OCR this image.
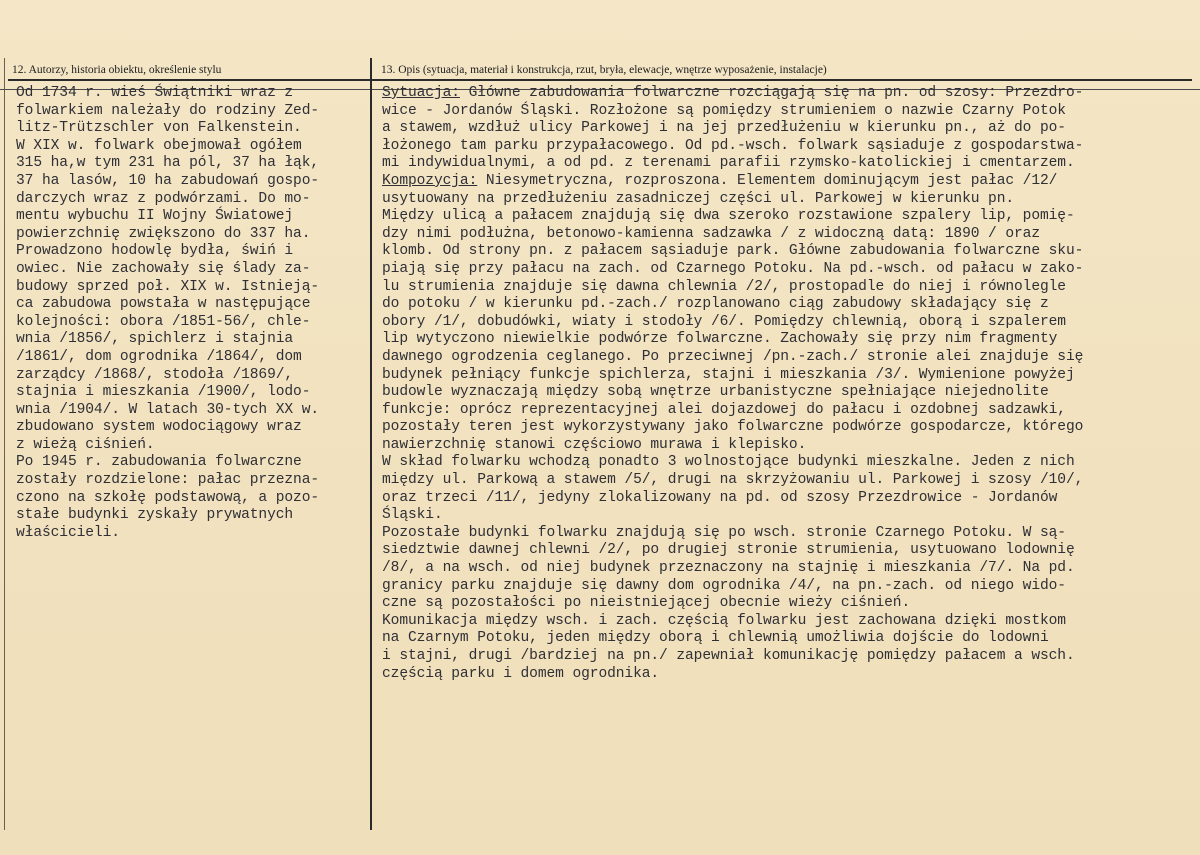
12. Autorzy, historia obiektu, określenie stylu	13. Opis (sytuacja, materiał i konstrukcja, rzut, bryła, elewacje, wnętrze wyposażenie, instalacje)
Od 1734 r. wieś Świątniki wraz z
folwarkiem należały do rodziny Zed-
litz-Trützschler von Falkenstein.
W XIX w. folwark obejmował ogółem
315 ha,w tym 231 ha pól, 37 ha łąk,
37 ha lasów, 10 ha zabudowań gospo-
darczych wraz z podwórzami. Do mo-
mentu wybuchu II Wojny Światowej
powierzchnię zwiększono do 337 ha.
Prowadzono hodowlę bydła, świń i
owiec. Nie zachowały się ślady za-
budowy sprzed poł. XIX w. Istnieją-
ca zabudowa powstała w następujące
kolejności: obora /1851-56/, chle-
wnia /1856/, spichlerz i stajnia
/1861/, dom ogrodnika /1864/, dom
zarządcy /1868/, stodoła /1869/,
stajnia i mieszkania /1900/, lodo-
wnia /1904/. W latach 30-tych XX w.
zbudowano system wodociągowy wraz
z wieżą ciśnień.
Po 1945 r. zabudowania folwarczne
zostały rozdzielone: pałac przezna-
czono na szkołę podstawową, a pozo-
stałe budynki zyskały prywatnych
właścicieli.
Sytuacja: Główne zabudowania folwarczne rozciągają się na pn. od szosy: Przezdro-
wice - Jordanów Śląski. Rozłożone są pomiędzy strumieniem o nazwie Czarny Potok
a stawem, wzdłuż ulicy Parkowej i na jej przedłużeniu w kierunku pn., aż do po-
łożonego tam parku przypałacowego. Od pd.-wsch. folwark sąsiaduje z gospodarstwa-
mi indywidualnymi, a od pd. z terenami parafii rzymsko-katolickiej i cmentarzem.
Kompozycja: Niesymetryczna, rozproszona. Elementem dominującym jest pałac /12/
usytuowany na przedłużeniu zasadniczej części ul. Parkowej w kierunku pn.
Między ulicą a pałacem znajdują się dwa szeroko rozstawione szpalery lip, pomię-
dzy nimi podłużna, betonowo-kamienna sadzawka / z widoczną datą: 1890 / oraz
klomb. Od strony pn. z pałacem sąsiaduje park. Główne zabudowania folwarczne sku-
piają się przy pałacu na zach. od Czarnego Potoku. Na pd.-wsch. od pałacu w zako-
lu strumienia znajduje się dawna chlewnia /2/, prostopadle do niej i równolegle
do potoku / w kierunku pd.-zach./ rozplanowano ciąg zabudowy składający się z
obory /1/, dobudówki, wiaty i stodoły /6/. Pomiędzy chlewnią, oborą i szpalerem
lip wytyczono niewielkie podwórze folwarczne. Zachowały się przy nim fragmenty
dawnego ogrodzenia ceglanego. Po przeciwnej /pn.-zach./ stronie alei znajduje się
budynek pełniący funkcje spichlerza, stajni i mieszkania /3/. Wymienione powyżej
budowle wyznaczają między sobą wnętrze urbanistyczne spełniające niejednolite
funkcje: oprócz reprezentacyjnej alei dojazdowej do pałacu i ozdobnej sadzawki,
pozostały teren jest wykorzystywany jako folwarczne podwórze gospodarcze, którego
nawierzchnię stanowi częściowo murawa i klepisko.
W skład folwarku wchodzą ponadto 3 wolnostojące budynki mieszkalne. Jeden z nich
między ul. Parkową a stawem /5/, drugi na skrzyżowaniu ul. Parkowej i szosy /10/,
oraz trzeci /11/, jedyny zlokalizowany na pd. od szosy Przezdrowice - Jordanów
Śląski.
Pozostałe budynki folwarku znajdują się po wsch. stronie Czarnego Potoku. W są-
siedztwie dawnej chlewni /2/, po drugiej stronie strumienia, usytuowano lodownię
/8/, a na wsch. od niej budynek przeznaczony na stajnię i mieszkania /7/. Na pd.
granicy parku znajduje się dawny dom ogrodnika /4/, na pn.-zach. od niego wido-
czne są pozostałości po nieistniejącej obecnie wieży ciśnień.
Komunikacja między wsch. i zach. częścią folwarku jest zachowana dzięki mostkom
na Czarnym Potoku, jeden między oborą i chlewnią umożliwia dojście do lodowni
i stajni, drugi /bardziej na pn./ zapewniał komunikację pomiędzy pałacem a wsch.
częścią parku i domem ogrodnika.
